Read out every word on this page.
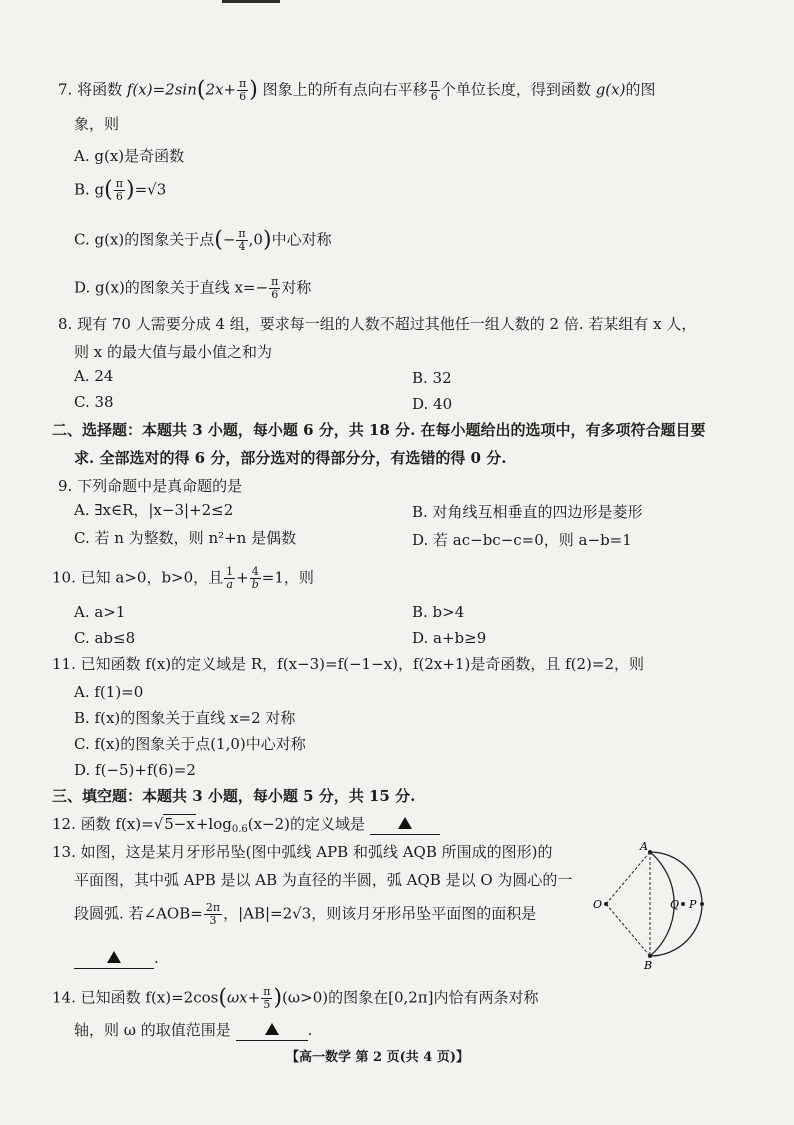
7. 将函数 $f(x)=2\sin(2x+ \frac{\pi}{6}$ ) 图象上的所有点向右平移 $\frac{\pi}{6}$ 个单位长度，得到函数 g(x)的图
象，则
A. g(x)是奇函数
B. $g( \frac{\pi}{6} )=√3$
C. g(x)的图象关于点(− $\frac{\pi}{4} ,0$)中心对称
D. g(x)的图象关于直线 $x=- \frac{\pi}{6}$ 对称
8. 现有 70 人需要分成 4 组，要求每一组的人数不超过其他任一组人数的 2 倍. 若某组有 x 人，
则 x 的最大值与最小值之和为
A. 24	B. 32
C. 38	D. 40
二、选择题：本题共 3 小题，每小题 6 分，共 18 分. 在每小题给出的选项中，有多项符合题目要
求. 全部选对的得 6 分，部分选对的得部分分，有选错的得 0 分.
9. 下列命题中是真命题的是
A. ∃x∈R，|x−3|+2≤2	B. 对角线互相垂直的四边形是菱形
C. 若 n 为整数，则 n²+n 是偶数	D. 若 ac−bc−c=0，则 a−b=1
10. 已知 a>0，b>0，且 $\frac{1}{a} + \frac{4}{b} =1$，则
A. a>1	B. b>4
C. ab≤8	D. a+b≥9
11. 已知函数 f(x)的定义域是 R，f(x−3)=f(−1−x)，f(2x+1)是奇函数，且 f(2)=2，则
A. f(1)=0
B. f(x)的图象关于直线 x=2 对称
C. f(x)的图象关于点(1,0)中心对称
D. f(−5)+f(6)=2
三、填空题：本题共 3 小题，每小题 5 分，共 15 分.
12. 函数 $f(x)=√5-x+\log_{0.6}(x-2)$的定义域是
13. 如图，这是某月牙形吊坠(图中弧线 APB 和弧线 AQB 所围成的图形)的
平面图，其中弧 APB 是以 AB 为直径的半圆，弧 AQB 是以 O 为圆心的一
段圆弧. 若∠AOB= $\frac{2\pi}{3}$ ，|AB|=2√3，则该月牙形吊坠平面图的面积是
.
A
B
O	Q P
14. 已知函数 $f(x)=2\cos(\omega x+ \frac{\pi}{5} )(\omega>0)$的图象在[0,2π]内恰有两条对称
轴，则 ω 的取值范围是	.
【高一数学 第 2 页(共 4 页)】
